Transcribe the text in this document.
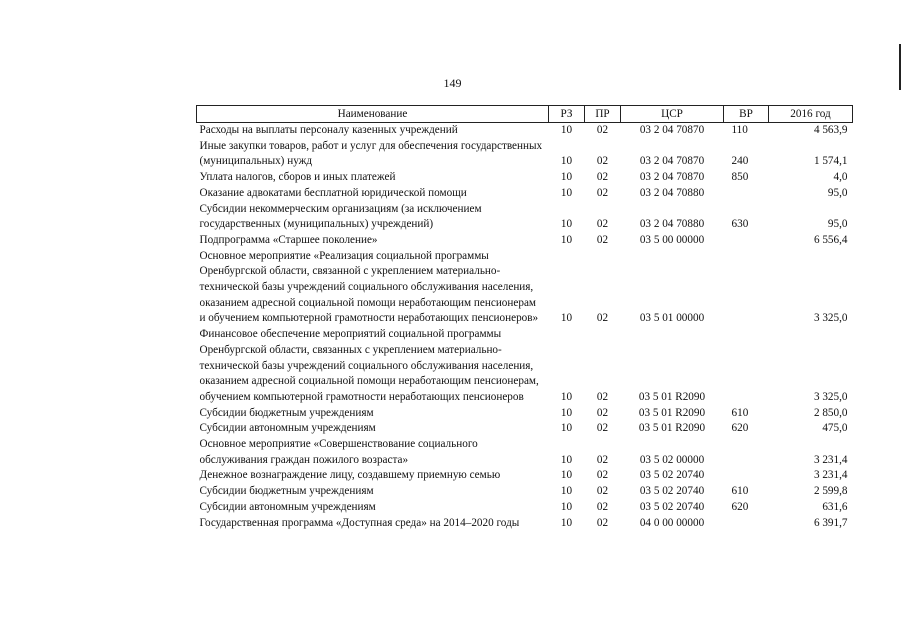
149
Наименование	РЗ	ПР	ЦСР	ВР	2016 год
Расходы на выплаты персоналу казенных учреждений	10	02	03 2 04 70870	110	4 563,9
Иные закупки товаров, работ и услуг для обеспечения государственных (муниципальных) нужд	10	02	03 2 04 70870	240	1 574,1
Уплата налогов, сборов и иных платежей	10	02	03 2 04 70870	850	4,0
Оказание адвокатами бесплатной юридической помощи	10	02	03 2 04 70880		95,0
Субсидии некоммерческим организациям (за исключением государственных (муниципальных) учреждений)	10	02	03 2 04 70880	630	95,0
Подпрограмма «Старшее поколение»	10	02	03 5 00 00000		6 556,4
Основное мероприятие «Реализация социальной программы Оренбургской области, связанной с укреплением материально-технической базы учреждений социального обслуживания населения, оказанием адресной социальной помощи неработающим пенсионерам и обучением компьютерной грамотности неработающих пенсионеров»	10	02	03 5 01 00000		3 325,0
Финансовое обеспечение мероприятий социальной программы Оренбургской области, связанных с укреплением материально-технической базы учреждений социального обслуживания населения, оказанием адресной социальной помощи неработающим пенсионерам, обучением компьютерной грамотности неработающих пенсионеров	10	02	03 5 01 R2090		3 325,0
Субсидии бюджетным учреждениям	10	02	03 5 01 R2090	610	2 850,0
Субсидии автономным учреждениям	10	02	03 5 01 R2090	620	475,0
Основное мероприятие «Совершенствование социального обслуживания граждан пожилого возраста»	10	02	03 5 02 00000		3 231,4
Денежное вознаграждение лицу, создавшему приемную семью	10	02	03 5 02 20740		3 231,4
Субсидии бюджетным учреждениям	10	02	03 5 02 20740	610	2 599,8
Субсидии автономным учреждениям	10	02	03 5 02 20740	620	631,6
Государственная программа «Доступная среда» на 2014–2020 годы	10	02	04 0 00 00000		6 391,7
